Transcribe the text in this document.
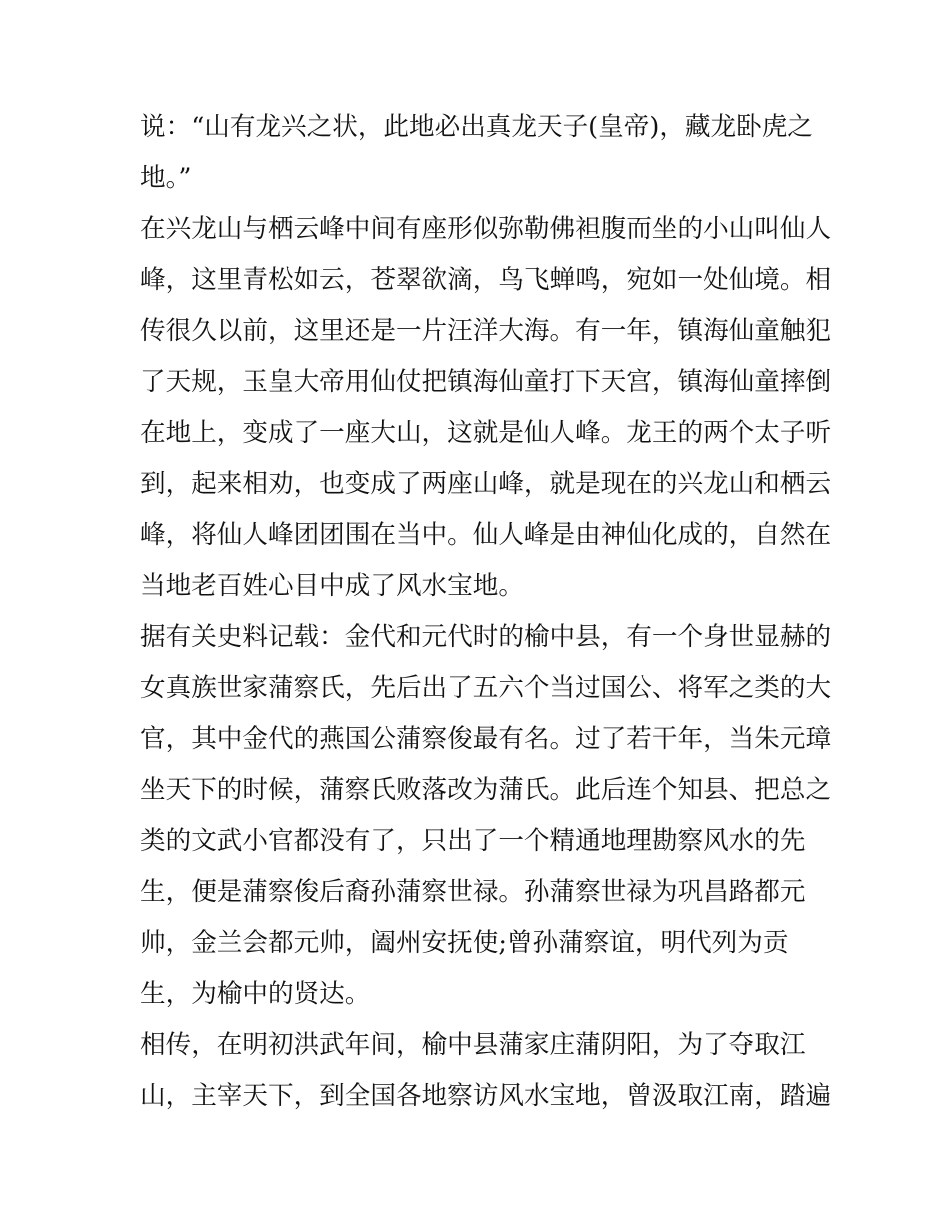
说：“山有龙兴之状，此地必出真龙天子(皇帝)，藏龙卧虎之
地。”
在兴龙山与栖云峰中间有座形似弥勒佛袒腹而坐的小山叫仙人
峰，这里青松如云，苍翠欲滴，鸟飞蝉鸣，宛如一处仙境。相
传很久以前，这里还是一片汪洋大海。有一年，镇海仙童触犯
了天规，玉皇大帝用仙仗把镇海仙童打下天宫，镇海仙童摔倒
在地上，变成了一座大山，这就是仙人峰。龙王的两个太子听
到，起来相劝，也变成了两座山峰，就是现在的兴龙山和栖云
峰，将仙人峰团团围在当中。仙人峰是由神仙化成的，自然在
当地老百姓心目中成了风水宝地。
据有关史料记载：金代和元代时的榆中县，有一个身世显赫的
女真族世家蒲察氏，先后出了五六个当过国公、将军之类的大
官，其中金代的燕国公蒲察俊最有名。过了若干年，当朱元璋
坐天下的时候，蒲察氏败落改为蒲氏。此后连个知县、把总之
类的文武小官都没有了，只出了一个精通地理勘察风水的先
生，便是蒲察俊后裔孙蒲察世禄。孙蒲察世禄为巩昌路都元
帅，金兰会都元帅，阖州安抚使;曾孙蒲察谊，明代列为贡
生，为榆中的贤达。
相传，在明初洪武年间，榆中县蒲家庄蒲阴阳，为了夺取江
山，主宰天下，到全国各地察访风水宝地，曾汲取江南，踏遍
